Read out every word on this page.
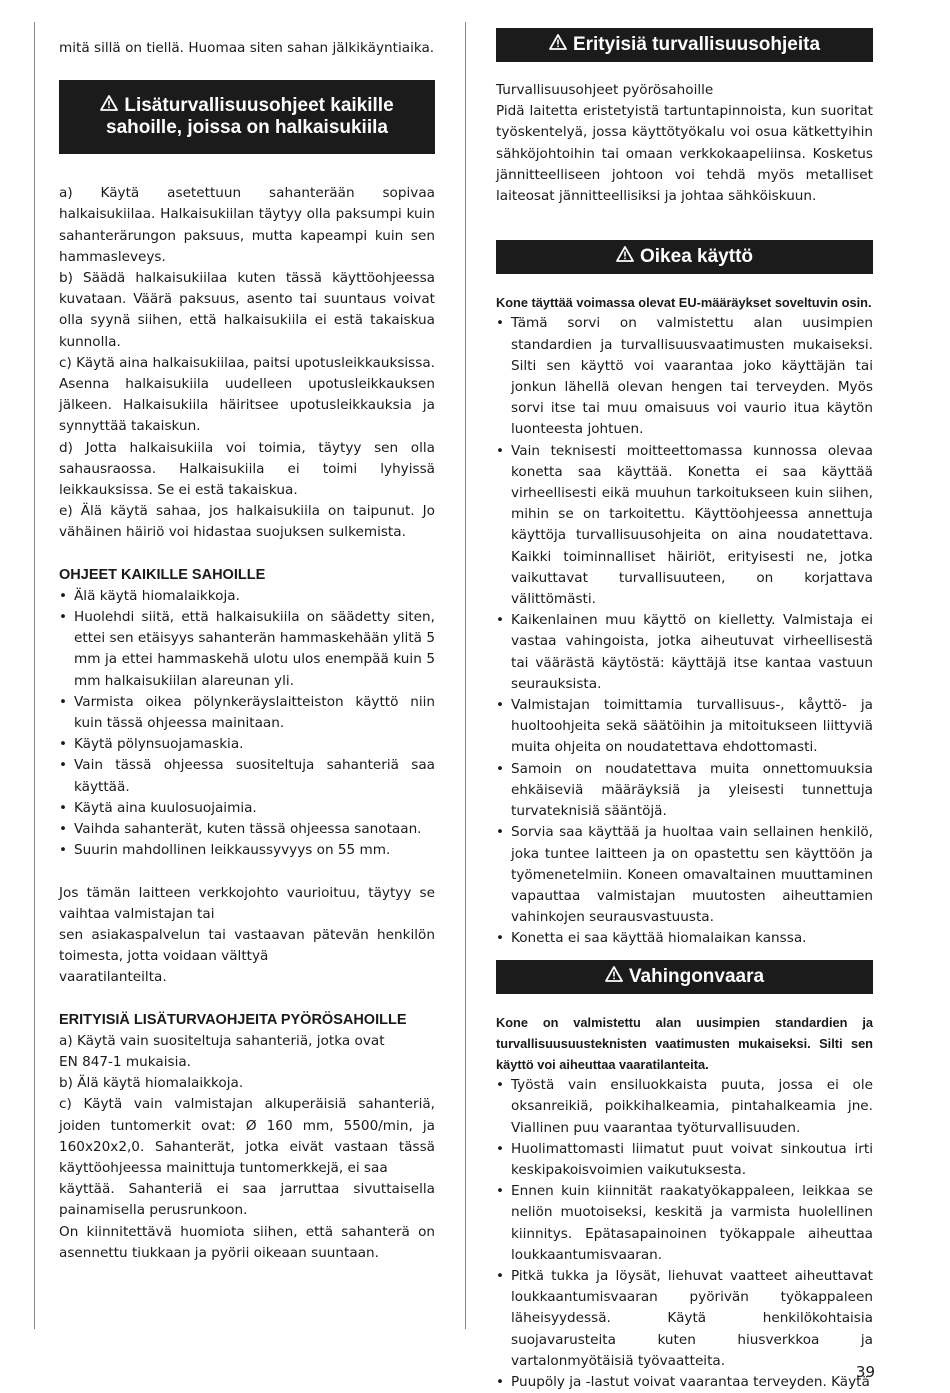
mitä sillä on tiellä. Huomaa siten sahan jälkikäyntiaika.

Lisäturvallisuusohjeet kaikille
sahoille, joissa on halkaisukiila

a) Käytä asetettuun sahanterään sopivaa halkaisukiilaa. Halkaisukiilan täytyy olla paksumpi kuin sahanterärungon paksuus, mutta kapeampi kuin sen hammasleveys.

b) Säädä halkaisukiilaa kuten tässä käyttöohjeessa kuvataan. Väärä paksuus, asento tai suuntaus voivat olla syynä siihen, että halkaisukiila ei estä takaiskua kunnolla.

c) Käytä aina halkaisukiilaa, paitsi upotusleikkauksissa. Asenna halkaisukiila uudelleen upotusleikkauksen jälkeen. Halkaisukiila häiritsee upotusleikkauksia ja synnyttää takaiskun.

d) Jotta halkaisukiila voi toimia, täytyy sen olla sahausraossa. Halkaisukiila ei toimi lyhyissä leikkauksissa. Se ei estä takaiskua.

e) Älä käytä sahaa, jos halkaisukiila on taipunut. Jo vähäinen häiriö voi hidastaa suojuksen sulkemista.

OHJEET KAIKILLE SAHOILLE

• Älä käytä hiomalaikkoja.
• Huolehdi siitä, että halkaisukiila on säädetty siten, ettei sen etäisyys sahanterän hammaskehään ylitä 5 mm ja ettei hammaskehä ulotu ulos enempää kuin 5 mm halkaisukiilan alareunan yli.
• Varmista oikea pölynkeräyslaitteiston käyttö niin kuin tässä ohjeessa mainitaan.
• Käytä pölynsuojamaskia.
• Vain tässä ohjeessa suositeltuja sahanteriä saa käyttää.
• Käytä aina kuulosuojaimia.
• Vaihda sahanterät, kuten tässä ohjeessa sanotaan.
• Suurin mahdollinen leikkaussyvyys on 55 mm.

Jos tämän laitteen verkkojohto vaurioituu, täytyy se vaihtaa valmistajan tai

sen asiakaspalvelun tai vastaavan pätevän henkilön toimesta, jotta voidaan välttyä

vaaratilanteilta.

ERITYISIÄ LISÄTURVAOHJEITA PYÖRÖSAHOILLE

a) Käytä vain suositeltuja sahanteriä, jotka ovat

EN 847-1 mukaisia.

b) Älä käytä hiomalaikkoja.

c) Käytä vain valmistajan alkuperäisiä sahanteriä, joiden tuntomerkit ovat: Ø 160 mm, 5500/min, ja 160x20x2,0. Sahanterät, jotka eivät vastaan tässä käyttöohjeessa mainittuja tuntomerkkejä, ei saa

käyttää. Sahanteriä ei saa jarruttaa sivuttaisella painamisella perusrunkoon.

On kiinnitettävä huomiota siihen, että sahanterä on asennettu tiukkaan ja pyörii oikeaan suuntaan.

Erityisiä turvallisuusohjeita

Turvallisuusohjeet pyörösahoille

Pidä laitetta eristetyistä tartuntapinnoista, kun suoritat työskentelyä, jossa käyttötyökalu voi osua kätkettyihin sähköjohtoihin tai omaan verkkokaapeliinsa. Kosketus jännitteelliseen johtoon voi tehdä myös metalliset laiteosat jännitteellisiksi ja johtaa sähköiskuun.

Oikea käyttö

Kone täyttää voimassa olevat EU-määräykset soveltuvin osin.

• Tämä sorvi on valmistettu alan uusimpien standardien ja turvallisuusvaatimusten mukaiseksi. Silti sen käyttö voi vaarantaa joko käyttäjän tai jonkun lähellä olevan hengen tai terveyden. Myös sorvi itse tai muu omaisuus voi vaurio itua käytön luonteesta johtuen.
• Vain teknisesti moitteettomassa kunnossa olevaa konetta saa käyttää. Konetta ei saa käyttää virheellisesti eikä muuhun tarkoitukseen kuin siihen, mihin se on tarkoitettu. Käyttöohjeessa annettuja käyttöja turvallisuusohjeita on aina noudatettava. Kaikki toiminnalliset häiriöt, erityisesti ne, jotka vaikuttavat turvallisuuteen, on korjattava välittömästi.
• Kaikenlainen muu käyttö on kielletty. Valmistaja ei vastaa vahingoista, jotka aiheutuvat virheellisestä tai väärästä käytöstä: käyttäjä itse kantaa vastuun seurauksista.
• Valmistajan toimittamia turvallisuus-, kåyttö- ja huoltoohjeita sekä säätöihin ja mitoitukseen liittyviä muita ohjeita on noudatettava ehdottomasti.
• Samoin on noudatettava muita onnettomuuksia ehkäiseviä määräyksiä ja yleisesti tunnettuja turvateknisiä sääntöjä.
• Sorvia saa käyttää ja huoltaa vain sellainen henkilö, joka tuntee laitteen ja on opastettu sen käyttöön ja työmenetelmiin. Koneen omavaltainen muuttaminen vapauttaa valmistajan muutosten aiheuttamien vahinkojen seurausvastuusta.
• Konetta ei saa käyttää hiomalaikan kanssa.
Vahingonvaara

Kone on valmistettu alan uusimpien standardien ja turvallisuusuusteknisten vaatimusten mukaiseksi. Silti sen käyttö voi aiheuttaa vaaratilanteita.

• Työstä vain ensiluokkaista puuta, jossa ei ole oksanreikiä, poikkihalkeamia, pintahalkeamia jne. Viallinen puu vaarantaa työturvallisuuden.
• Huolimattomasti liimatut puut voivat sinkoutua irti keskipakoisvoimien vaikutuksesta.
• Ennen kuin kiinnität raakatyökappaleen, leikkaa se neliön muotoiseksi, keskitä ja varmista huolellinen kiinnitys. Epätasapainoinen työkappale aiheuttaa loukkaantumisvaaran.
• Pitkä tukka ja löysät, liehuvat vaatteet aiheuttavat loukkaantumisvaaran pyörivän työkappaleen läheisyydessä. Käytä henkilökohtaisia suojavarusteita kuten hiusverkkoa ja vartalonmyötäisiä työvaatteita.
• Puupöly ja -lastut voivat vaarantaa terveyden. Käytä
39
